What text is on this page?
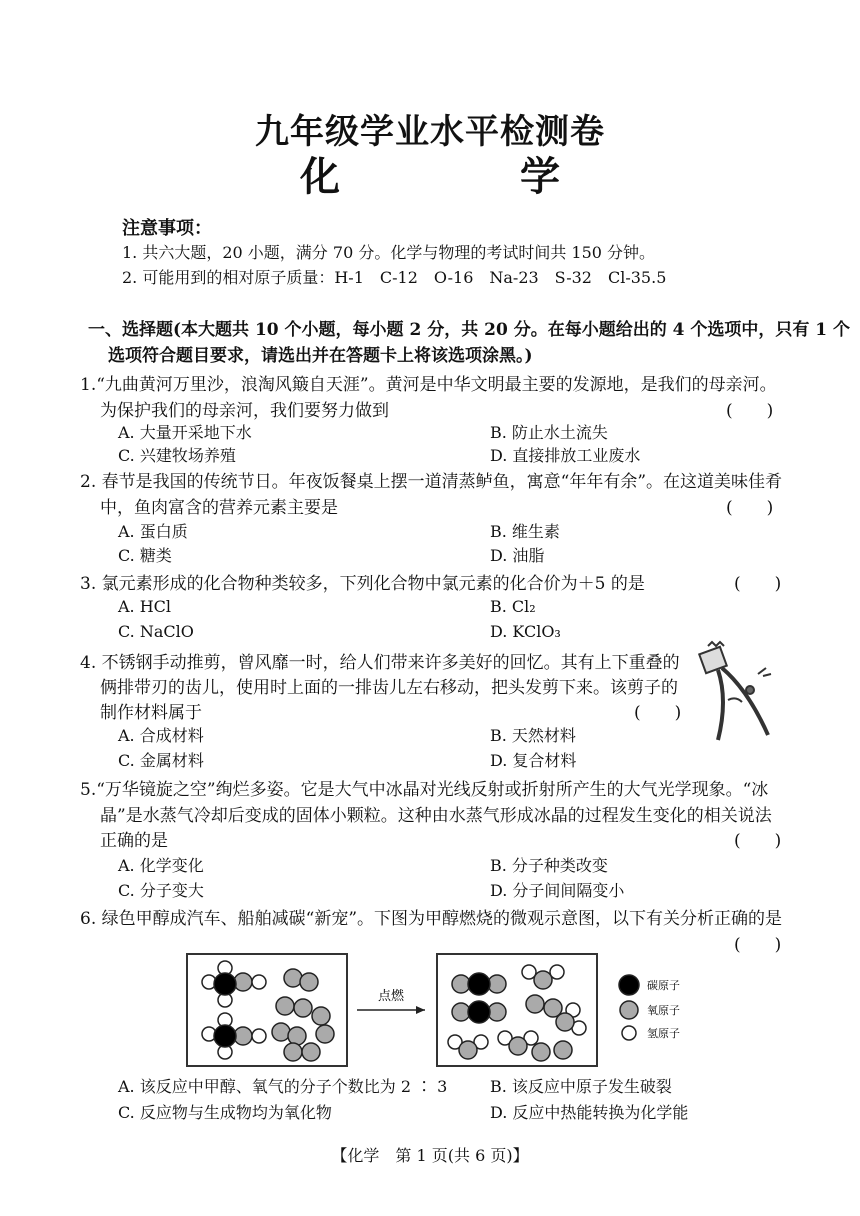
九年级学业水平检测卷
化　学
注意事项：
1. 共六大题，20 小题，满分 70 分。化学与物理的考试时间共 150 分钟。
2. 可能用到的相对原子质量：H-1　C-12　O-16　Na-23　S-32　Cl-35.5
一、选择题(本大题共 10 个小题，每小题 2 分，共 20 分。在每小题给出的 4 个选项中，只有 1 个
选项符合题目要求，请选出并在答题卡上将该选项涂黑。)
1.“九曲黄河万里沙，浪淘风簸自天涯”。黄河是中华文明最主要的发源地，是我们的母亲河。
为保护我们的母亲河，我们要努力做到	(　　)
A. 大量开采地下水	B. 防止水土流失
C. 兴建牧场养殖	D. 直接排放工业废水
2. 春节是我国的传统节日。年夜饭餐桌上摆一道清蒸鲈鱼，寓意“年年有余”。在这道美味佳肴
中，鱼肉富含的营养元素主要是	(　　)
A. 蛋白质	B. 维生素
C. 糖类	D. 油脂
3. 氯元素形成的化合物种类较多，下列化合物中氯元素的化合价为＋5 的是	(　　)
A. HCl	B. Cl₂
C. NaClO	D. KClO₃
4. 不锈钢手动推剪，曾风靡一时，给人们带来许多美好的回忆。其有上下重叠的
俩排带刃的齿儿，使用时上面的一排齿儿左右移动，把头发剪下来。该剪子的
制作材料属于	(　　)
A. 合成材料	B. 天然材料
C. 金属材料	D. 复合材料
5.“万华镜旋之空”绚烂多姿。它是大气中冰晶对光线反射或折射所产生的大气光学现象。“冰
晶”是水蒸气冷却后变成的固体小颗粒。这种由水蒸气形成冰晶的过程发生变化的相关说法
正确的是	(　　)
A. 化学变化	B. 分子种类改变
C. 分子变大	D. 分子间间隔变小
6. 绿色甲醇成汽车、船舶减碳“新宠”。下图为甲醇燃烧的微观示意图，以下有关分析正确的是
(　　)
点燃
碳原子
氧原子
氢原子
A. 该反应中甲醇、氧气的分子个数比为 2 ∶ 3	B. 该反应中原子发生破裂
C. 反应物与生成物均为氧化物	D. 反应中热能转换为化学能
【化学　第 1 页(共 6 页)】
